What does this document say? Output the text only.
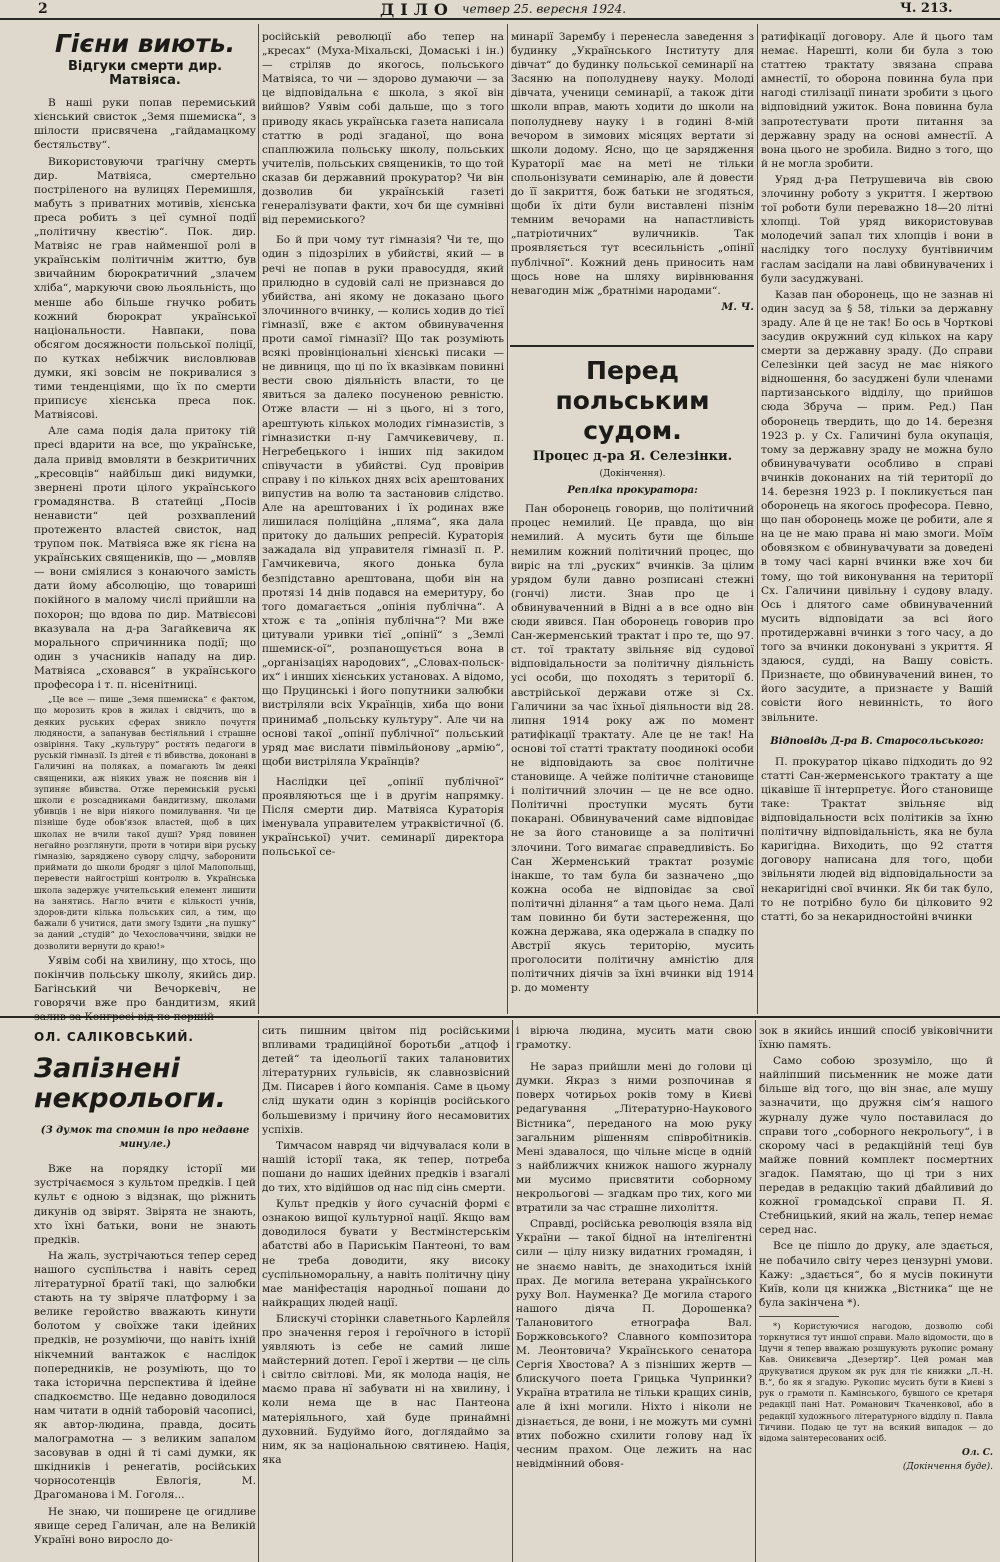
2	ДІЛО четвер 25. вересня 1924.	Ч. 213.
Гієни виють.
Відгуки смерти дир. Матвіяса.

В наші руки попав перемиський хієнський свисток „Земя пшемиска“, з шілости присвячена „гайдамацкому бестяльству“.

Використовуючи трагічну смерть дир. Матвіяса, смертельно постріленого на вулицях Перемишля, мабуть з приватних мотивів, хієнська преса робить з цеї сумної події „політичну квестію“. Пок. дир. Матвіяс не грав найменшої ролі в українськім політичнім життю, був звичайним бюрократичний „злачем хліба“, маркуючи свою льояльність, що менше або більше гнучко робить кожний бюрократ української національности. Навпаки, пова обсягом досяжности польської поліції, по кутках небіжчик висловлював думки, які зовсім не покривалися з тими тенденціями, що їх по смерти приписує хієнська преса пок. Матвіясові.

Але сама подія дала притоку тій пресі вдарити на все, що українське, дала привід вмовляти в безкритичних „кресовців“ найбільш дикі видумки, звернені проти цілого українського громадянства. В статейці „Посів ненависти“ цей розхваплений протеженто властей свисток, над трупом пок. Матвіяса вже як гієна на українських священиків, що — „мовляв — вони сміялися з конаючого замість дати йому абсолюцію, що товариші покійного в малому числі прийшли на похорон; що вдова по дир. Матвієсові вказувала на д-ра Загайкевича як морального спричинника події; що один з учасників нападу на дир. Матвіяса „сховався“ в українського професора і т. п. нісенітниці.

„Це все — пише „Земя пшемиска“ є фактом, що морозить кров в жилах і свідчить, що в деяких руських сферах зникло почуття людяности, а запанував бестіяльний і страшне озвіріння. Таку „культуру“ ростять педагоги в руській гімназії. Із дітей є ті вбивства, доконані в Галичині на поляках, а помагають їм деякі священики, аж ніяких уваж не пояснив він і зупиняє вбивства. Отже перемиській руські школи є розсадниками бандитизму, школами убивців і не віри ніякого помилування. Чи це пізніше буде обов’язок властей, щоб в цих школах не вчили такої душі? Уряд повинен негайно розглянути, проти в чотири віри руську гімназію, заряджено сувору слідчу, заборонити приймати до школи бродяг з цілої Малопольщі, перевести найгостріші контролю в. Українська школа задержує учительський елемент лишити на занятись. Нагло вчити є кількості учнів, здоров-дити кілька польських сил, а тим, що бажали б учитися, дати змогу їздити „на пушку“ за даний „студій“ до Чехословаччини, звідки не дозволити вернути до краю!»

Уявім собі на хвилину, що хтось, що покінчив польську школу, якийсь дир. Багінський чи Вечоркевіч, не говорячи вже про бандитизм, який залив за Конгресі від по першій

російській революції або тепер на „кресах“ (Муха-Міхальскі, Домаські і ін.) — стріляв до якогось, польського Матвіяса, то чи — здорово думаючи — за це відповідальна є школа, з якої він вийшов? Уявім собі дальше, що з того приводу якась українська газета написала статтю в роді згаданої, що вона спаплюжила польську школу, польських учителів, польських священиків, то що той сказав би державний прокуратор? Чи він дозволив би українській газеті генералізувати факти, хоч би ще сумнівні від перемиського?

Бо й при чому тут гімназія? Чи те, що один з підозрілих в убийстві, який — в речі не попав в руки правосуддя, який прилюдно в судовій салі не признався до убийства, ані якому не доказано цього злочинного вчинку, — колись ходив до тієї гімназії, вже є актом обвинувачення проти самої гімназії? Що так розуміють всякі провінціональні хієнські писаки — не дивниця, що ці по їх вказівкам повинні вести свою діяльність власти, то це явиться за далеко посуненою ревністю. Отже власти — ні з цього, ні з того, арештують кількох молодих гімназистів, з гімназистки п-ну Гамчикевичеву, п. Негребецького і інших під закидом співучасти в убийстві. Суд провірив справу і по кількох днях всіх арештованих випустив на волю та застановив слідство. Але на арештованих і їх родинах вже лишилася поліційна „пляма“, яка дала притоку до дальших репресій. Кураторія зажадала від управителя гімназії п. Р. Гамчикевича, якого донька була безпідставно арештована, щоби він на протязі 14 днів подався на емеритуру, бо того домагається „опінія публічна“. А хтож є та „опінія публічна“? Ми вже цитували уривки тієї „опінії“ з „Землі пшемиск-ої“, розпанощується вона в „організаціях народових“, „Словах-польск-их“ і инших хієнських установах. А відомо, що Пруцинські і його попутники залюбки вистріляли всіх Українців, хиба що вони принимаб „польську культуру“. Але чи на основі такої „опінії публічної“ польський уряд має вислати півмільйонову „армію“, щоби вистріляла Українців?

Наслідки цеї „опінії публічної“ проявляються ще і в другім напрямку. Після смерти дир. Матвіяса Кураторія іменувала управителем утраквістичної (б. української) учит. семинарії директора польської се-

минарії Зарембу і перенесла заведення з будинку „Українського Інституту для дівчат“ до будинку польської семинарії на Засяню на пополудневу науку. Молоді дівчата, ученици семинарії, а також діти школи вправ, мають ходити до школи на пополудневу науку і в годині 8-мій вечором в зимових місяцях вертати зі школи додому. Ясно, що це зарядження Кураторії має на меті не тільки спольонізувати семинарію, але й довести до її закриття, бож батьки не згодяться, щоби їх діти були виставлені пізнім темним вечорами на напастливість „патріотичних“ вуличників. Так проявляється тут всесильність „опінії публічної“. Кожний день приносить нам щось нове на шляху вирівнювання невагодин між „братніми народами“.

М. Ч.
Перед польським судом.
Процес д-ра Я. Селезінки.
(Докінчення).
Репліка прокуратора:

Пан оборонець говорив, що політичний процес немилий. Це правда, що він немилий. А мусить бути ще більше немилим кожний політичний процес, що виріс на тлі „руских“ вчинків. За цілим урядом були давно розписані стежні (гончі) листи. Знав про це і обвинуваченний в Відні а в все одно він сюди явився. Пан оборонець говорив про Сан-жерменський трактат і про те, що 97. ст. тої трактату звільняє від судової відповідальности за політичну діяльність усі особи, що походять з території б. австрійської держави отже зі Сх. Галичини за час їхньої діяльности від 28. липня 1914 року аж по момент ратифікації трактату. Але це не так! На основі тої статті трактату поодинокі особи не відповідають за своє політичне становище. А чейже політичне становище і політичний злочин — це не все одно. Політичні проступки мусять бути покарані. Обвинувачений саме відповідає не за його становище а за політичні злочини. Того вимагає справедливість. Бо Сан Жерменський трактат розуміє інакше, то там була би зазначено „що кожна особа не відповідає за свої політичні ділання“ а там цього нема. Далі там повинно би бути застереження, що кожна держава, яка одержала в спадку по Австрії якусь територію, мусить проголосити політичну амністію для політичних діячів за їхні вчинки від 1914 р. до моменту

ратифікації договору. Але й цього там немає. Нарешті, коли би була з тою статтею трактату звязана справа амнестії, то оборона повинна була при нагоді стилізації пинати зробити з цього відповідний ужиток. Вона повинна була запротестувати проти питання за державну зраду на основі амнестії. А вона цього не зробила. Видно з того, що й не могла зробити.

Уряд д-ра Петрушевича вів свою злочинну роботу з укриття. І жертвою тої роботи були переважно 18—20 літні хлопці. Той уряд використовував молодечий запал тих хлопців і вони в наслідку того послуху бунтівничим гаслам засідали на лаві обвинувачених і були засуджувані.

Казав пан оборонець, що не зазнав ні один засуд за § 58, тільки за державну зраду. Але й це не так! Бо ось в Чорткові засудив окружний суд кількох на кару смерти за державну зраду. (До справи Селезінки цей засуд не має ніякого відношення, бо засуджені були членами партизанського відділу, що прийшов сюда Збруча — прим. Ред.) Пан оборонець твердить, що до 14. березня 1923 р. у Сх. Галичині була окупація, тому за державну зраду не можна було обвинувачувати особливо в справі вчинків доконаних на тій території до 14. березня 1923 р. І покликується пан оборонець на якогось професора. Певно, що пан оборонець може це робити, але я на це не маю права ні маю змоги. Моїм обовязком є обвинувачувати за доведені в тому часі карні вчинки вже хоч би тому, що той виконування на території Сх. Галичини цивільну і судову владу. Ось і длятого саме обвинуваченний мусить відповідати за всі його протидержавні вчинки з того часу, а до того за вчинки доконувані з укриття. Я здаюся, судді, на Вашу совість. Признаєте, що обвинувачений винен, то його засудите, а признаєте у Вашій совісти його невинність, то його звільните.

Відповідь Д-ра В. Старосольського:

П. прокуратор цікаво підходить до 92 статті Сан-жерменського трактату а ще цікавіше її інтерпретує. Його становище таке: Трактат звільняє від відповідальности всіх політиків за їхню політичну відповідальність, яка не була каригідна. Виходить, що 92 стаття договору написана для того, щоби звільняти людей від відповідальности за некаригідні свої вчинки. Як би так було, то не потрібно було би цілковито 92 статті, бо за некаридностойні вчинки

ОЛ. САЛІКОВСЬКИЙ.
Запізнені некрольоги.
(З думок та спомин ів про недавне минуле.)

Вже на порядку історії ми зустрічаємося з культом предків. І цей культ є одною з відзнак, що ріжнить дикунів од звірят. Звірята не знають, хто їхні батьки, вони не знають предків.

На жаль, зустрічаються тепер серед нашого суспільства і навіть серед літературної братії такі, що залюбки стають на ту звіряче платформу і за велике геройство вважають кинути болотом у своїхже таки ідейних предків, не розуміючи, що навіть іхній нікчемний вантажок є наслідок попередників, не розуміють, що то така історична перспектива й ідейне спадкоємство. Ще недавно доводилося нам читати в одній таборовій часописі, як автор-людина, правда, досить малограмотна — з великим запалом засовував в одні й ті самі думки, як шкідників і ренегатів, російських чорносотенців Евлогія, М. Драгоманова і М. Гоголя...

Не знаю, чи поширене це огидливе явище серед Галичан, але на Великій Україні воно виросло до-

сить пишним цвітом під російськими впливами традиційної боротьби „атцоф і детей“ та ідеольогії таких талановитих літературних гульвісів, як славнозвісний Дм. Писарев і його компанія. Саме в цьому слід шукати один з корінців російського большевизму і причину його несамовитих успіхів.

Тимчасом навряд чи відчувалася коли в нашій історії така, як тепер, потреба пошани до наших ідейних предків і взагалі до тих, хто відійшов од нас під сінь смерти.

Культ предків у його сучасній формі є ознакою вищої культурної нації. Якщо вам доводилося бувати у Вестмінстерськім абатстві або в Париськім Пантеоні, то вам не треба доводити, яку високу суспільноморальну, а навіть політичну ціну мае маніфестація народньої пошани до найкращих людей нації.

Блискучі сторінки славетнього Карлейля про значення героя і героїчного в історії уявляють із себе не самий лише майстерний дотеп. Герої і жертви — це сіль і світло світлові. Ми, як молода нація, не маємо права нї забувати ні на хвилину, і коли нема ще в нас Пантеона матеріяльного, хай буде принаймні духовний. Будуймо його, доглядаймо за ним, як за національною святинею. Нація, яка

і вірюча людина, мусить мати свою грамотку.

Не зараз прийшли мені до голови ці думки. Якраз з ними розпочинав я поверх чотирьох років тому в Києві редагування „Літературно-Наукового Вістника“, переданого на мою руку загальним рішенням співробітників. Мені здавалося, що чільне місце в одній з найближчих книжок нашого журналу ми мусимо присвятити соборному некрольогові — згадкам про тих, кого ми втратили за час страшне лихоліття.

Справді, російська революція взяла від України — такої бідної на інтелігентні сили — цілу низку видатних громадян, і не знаємо навіть, де знаходиться іхній прах. Де могила ветерана українського руху Вол. Науменка? Де могила старого нашого діяча П. Дорошенка? Талановитого етнографа Вал. Боржковського? Славного композитора М. Леонтовича? Українського сенатора Сергія Хвостова? А з пізніших жертв — блискучого поета Грицька Чупринки? Україна втратила не тільки кращих синів, але й іхні могили. Ніхто і ніколи не дізнається, де вони, і не можуть ми сумні втих побожно схилити голову над їх чесним прахом. Оце лежить на нас невідмінний обовя-

зок в якийсь инший спосіб увіковічнити їхню память.

Само собою зрозуміло, що й найліпший письменник не може дати більше від того, що він знає, але мушу зазначити, що дружня сім’я нашого журналу дуже чуло поставилася до справи того „соборного некрольогу“, і в скорому часі в редакційній теці був майже повний комплект посмертних згадок. Памятаю, що ці три з них передав в редакцію такий дбайливий до кожної громадської справи П. Я. Стебницький, який на жаль, тепер немає серед нас.

Все це пішло до друку, але здається, не побачило світу через цензурні умови. Кажу: „здається“, бо я мусів покинути Київ, коли ця книжка „Вістника“ ще не була закінчена *).

*) Користуючися нагодою, дозволю собі торкнутися тут иншої справи. Мало відомости, що в Ідучи я тепер вважаю розшукують рукопис роману Кав. Оникєвича „Дезертир“. Цей роман мав друкуватися друком як рук для тіє книжки „Л.-Н. В.“, бо як я згадую. Рукопис мусить бути в Києві з рук о грамоти п. Камінського, бувшого се кретаря редакції пані Нат. Романович Ткаченкової, або в редакції художнього літературного відділу п. Павла Тичини. Подаю це тут на всякий випадок — до відома заінтересованих осіб.

Ол. С.
(Докінчення буде).
